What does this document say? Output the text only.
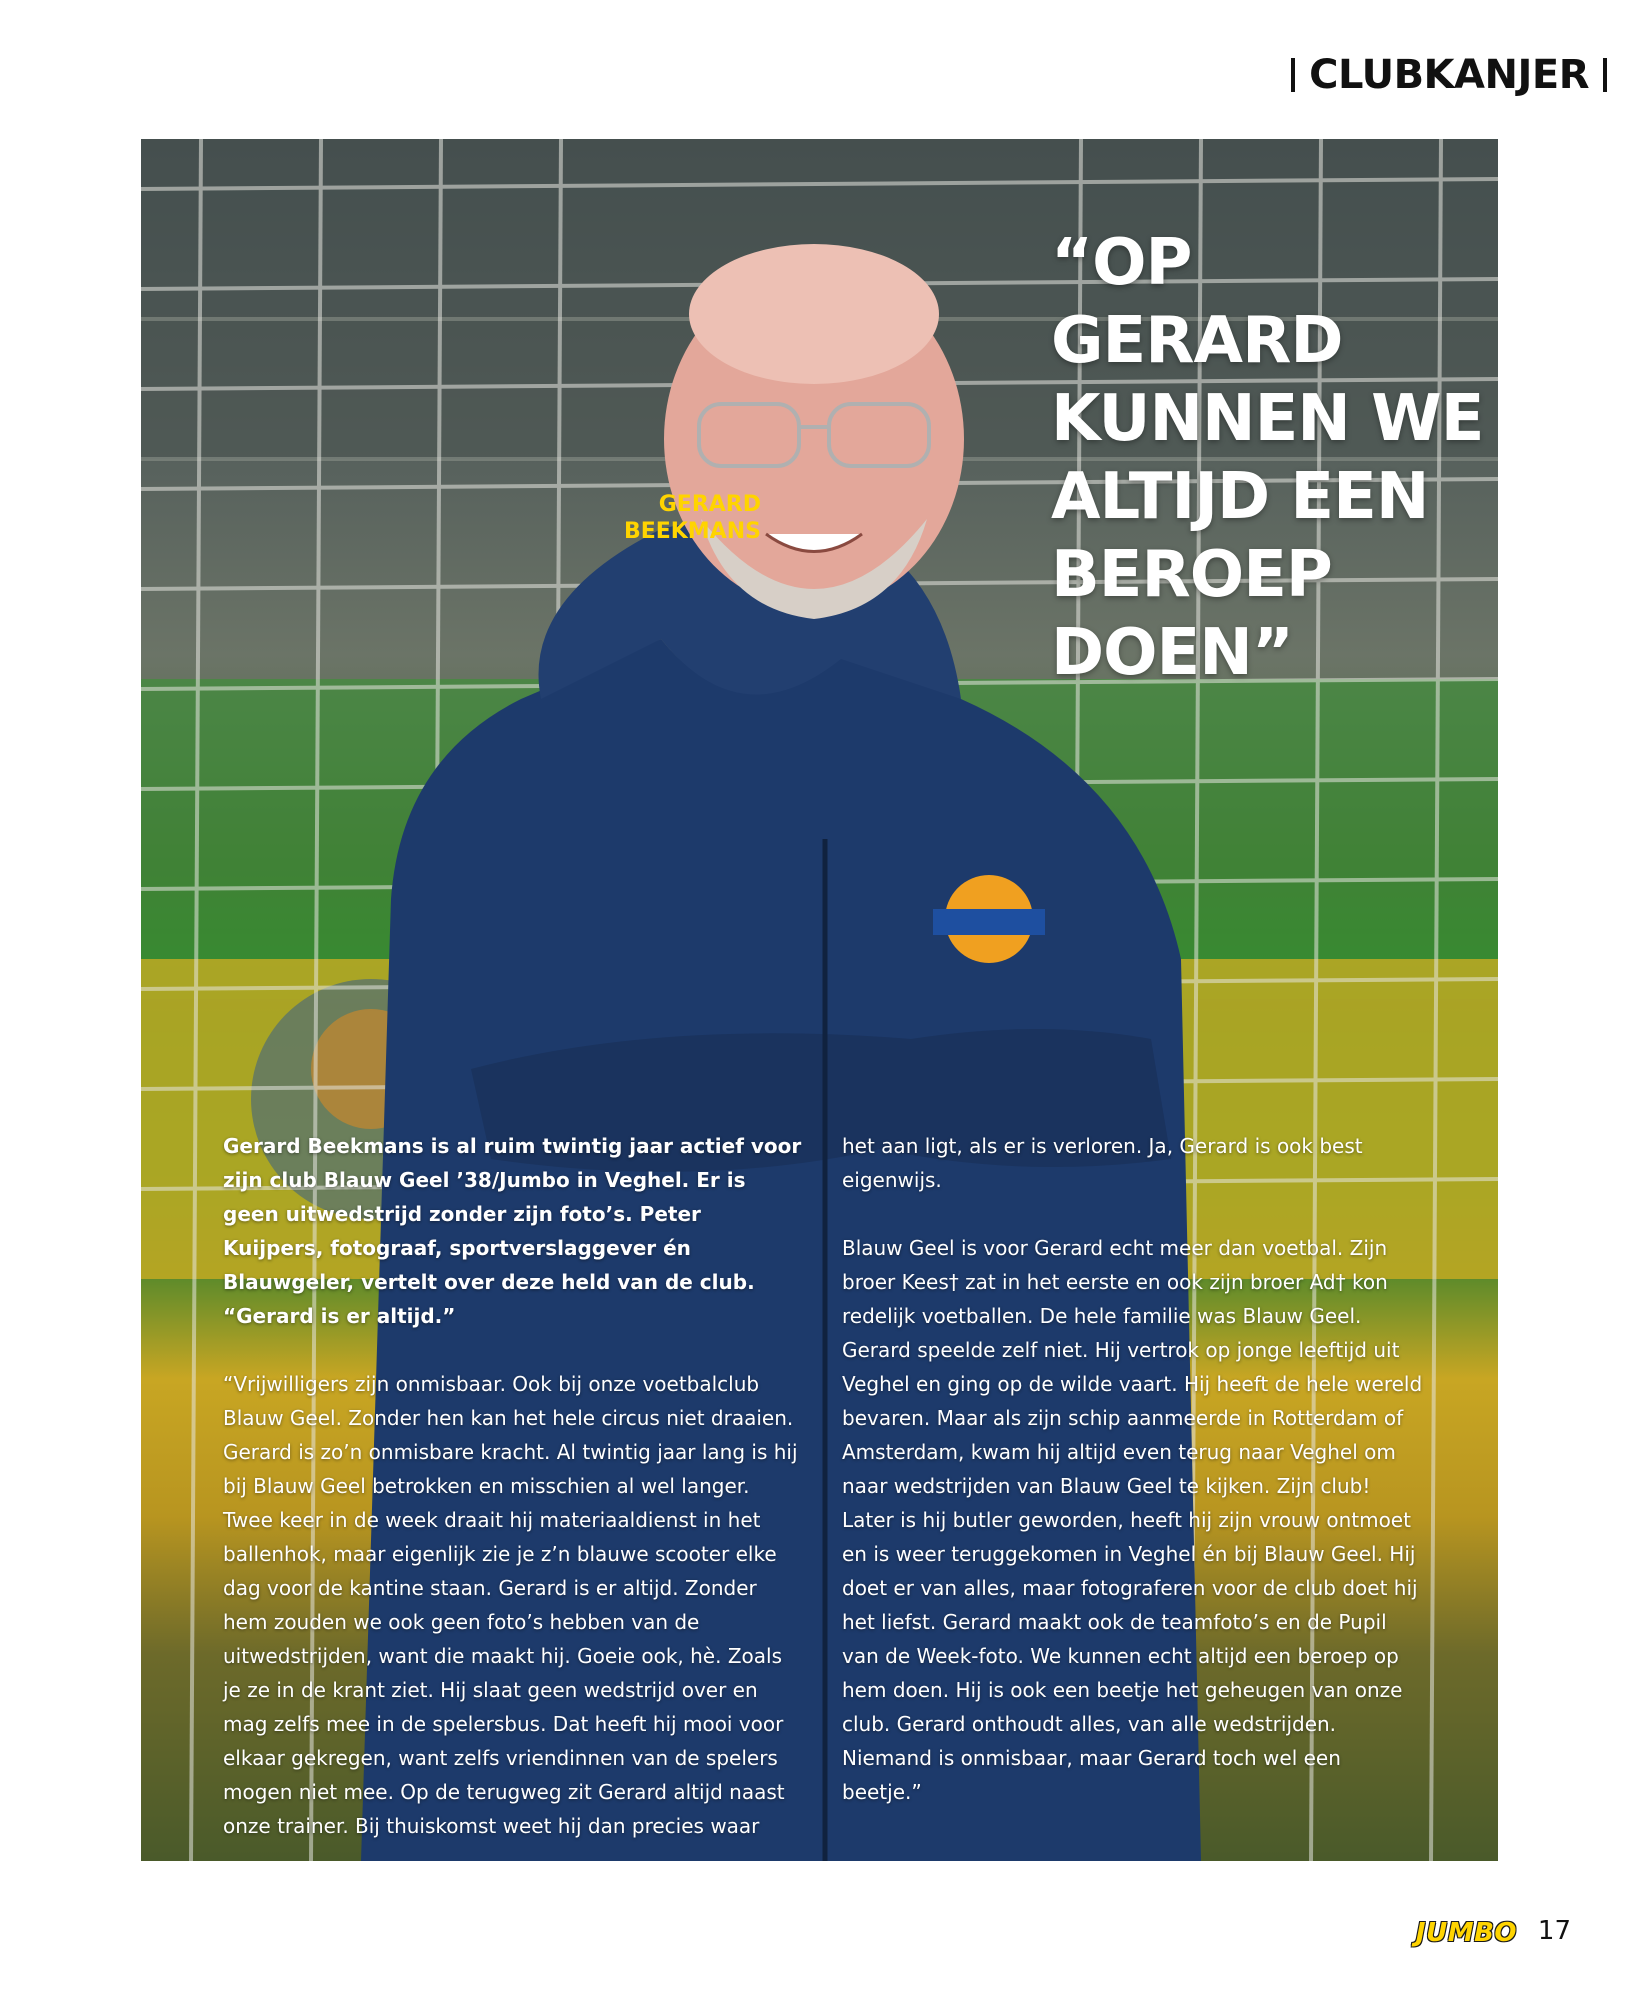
CLUBKANJER
“OP GERARD KUNNEN WE ALTIJD EEN BEROEP DOEN”
GERARD
BEEKMANS

Gerard Beekmans is al ruim twintig jaar actief voor zijn club Blauw Geel ’38/Jumbo in Veghel. Er is geen uitwedstrijd zonder zijn foto’s. Peter Kuijpers, fotograaf, sportverslaggever én Blauwgeler, vertelt over deze held van de club. “Gerard is er altijd.”

“Vrijwilligers zijn onmisbaar. Ook bij onze voetbalclub Blauw Geel. Zonder hen kan het hele circus niet draaien. Gerard is zo’n onmisbare kracht. Al twintig jaar lang is hij bij Blauw Geel betrokken en misschien al wel langer. Twee keer in de week draait hij materiaaldienst in het ballenhok, maar eigenlijk zie je z’n blauwe scooter elke dag voor de kantine staan. Gerard is er altijd. Zonder hem zouden we ook geen foto’s hebben van de uitwedstrijden, want die maakt hij. Goeie ook, hè. Zoals je ze in de krant ziet. Hij slaat geen wedstrijd over en mag zelfs mee in de spelersbus. Dat heeft hij mooi voor elkaar gekregen, want zelfs vriendinnen van de spelers mogen niet mee. Op de terugweg zit Gerard altijd naast onze trainer. Bij thuiskomst weet hij dan precies waar

het aan ligt, als er is verloren. Ja, Gerard is ook best eigenwijs.

Blauw Geel is voor Gerard echt meer dan voetbal. Zijn broer Kees† zat in het eerste en ook zijn broer Ad† kon redelijk voetballen. De hele familie was Blauw Geel. Gerard speelde zelf niet. Hij vertrok op jonge leeftijd uit Veghel en ging op de wilde vaart. Hij heeft de hele wereld bevaren. Maar als zijn schip aanmeerde in Rotterdam of Amsterdam, kwam hij altijd even terug naar Veghel om naar wedstrijden van Blauw Geel te kijken. Zijn club! Later is hij butler geworden, heeft hij zijn vrouw ontmoet en is weer teruggekomen in Veghel én bij Blauw Geel. Hij doet er van alles, maar fotograferen voor de club doet hij het liefst. Gerard maakt ook de teamfoto’s en de Pupil van de Week-foto. We kunnen echt altijd een beroep op hem doen. Hij is ook een beetje het geheugen van onze club. Gerard onthoudt alles, van alle wedstrijden. Niemand is onmisbaar, maar Gerard toch wel een beetje.”

JUMBO 17
